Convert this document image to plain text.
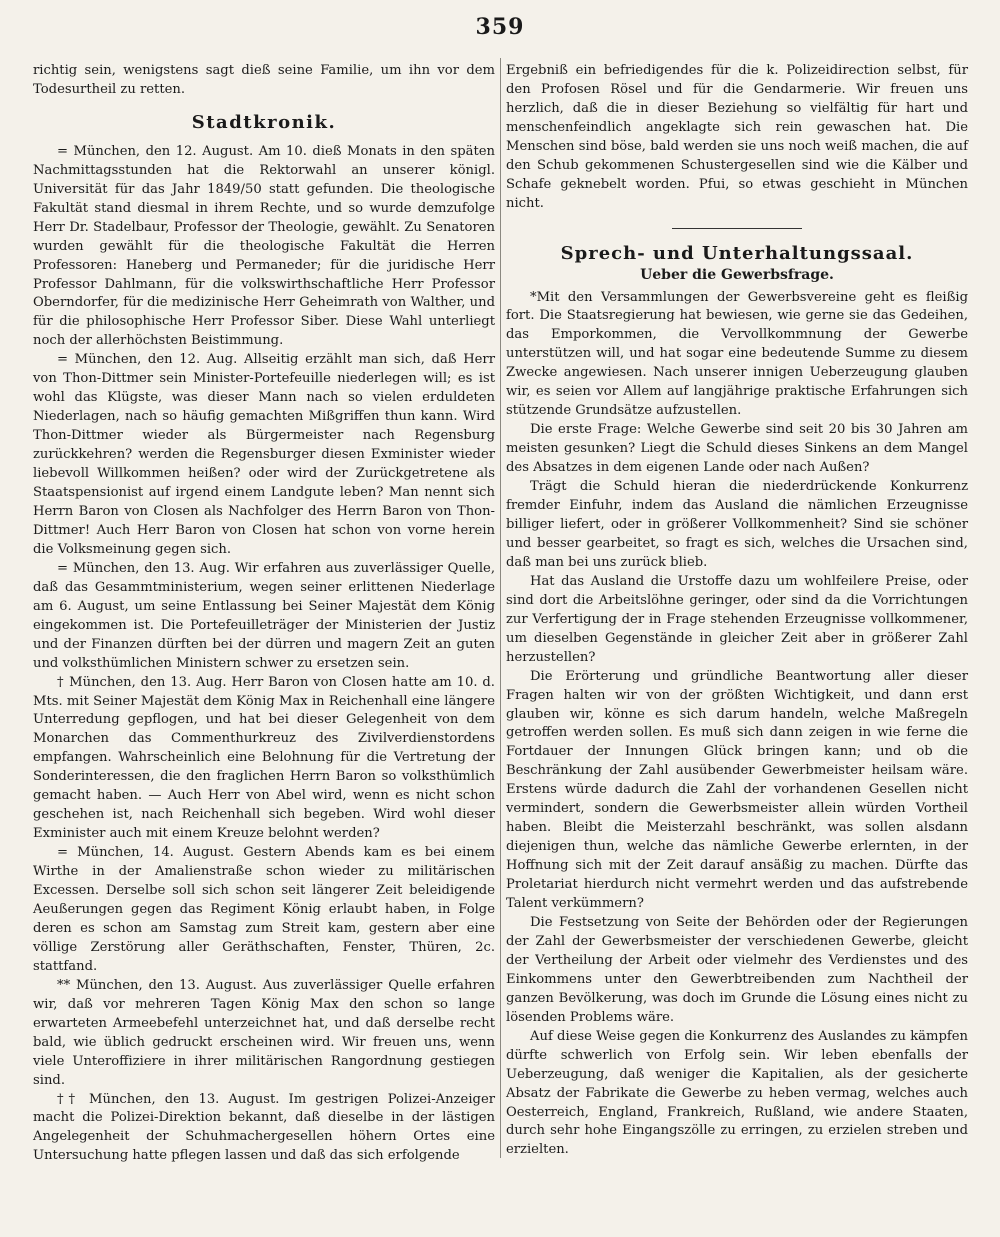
359

richtig sein, wenigstens sagt dieß seine Familie, um ihn vor dem Todesurtheil zu retten.

Stadtkronik.

= München, den 12. August. Am 10. dieß Monats in den späten Nachmittagsstunden hat die Rektorwahl an unserer königl. Universität für das Jahr 1849/50 statt gefunden. Die theologische Fakultät stand diesmal in ihrem Rechte, und so wurde demzufolge Herr Dr. Stadelbaur, Professor der Theologie, gewählt. Zu Senatoren wurden gewählt für die theologische Fakultät die Herren Professoren: Haneberg und Permaneder; für die juridische Herr Professor Dahlmann, für die volkswirthschaftliche Herr Professor Oberndorfer, für die medizinische Herr Geheimrath von Walther, und für die philosophische Herr Professor Siber. Diese Wahl unterliegt noch der allerhöchsten Beistimmung.

= München, den 12. Aug. Allseitig erzählt man sich, daß Herr von Thon-Dittmer sein Minister-Portefeuille niederlegen will; es ist wohl das Klügste, was dieser Mann nach so vielen erduldeten Niederlagen, nach so häufig gemachten Mißgriffen thun kann. Wird Thon-Dittmer wieder als Bürgermeister nach Regensburg zurückkehren? werden die Regensburger diesen Exminister wieder liebevoll Willkommen heißen? oder wird der Zurückgetretene als Staatspensionist auf irgend einem Landgute leben? Man nennt sich Herrn Baron von Closen als Nachfolger des Herrn Baron von Thon-Dittmer! Auch Herr Baron von Closen hat schon von vorne herein die Volksmeinung gegen sich.

= München, den 13. Aug. Wir erfahren aus zuverlässiger Quelle, daß das Gesammtministerium, wegen seiner erlittenen Niederlage am 6. August, um seine Entlassung bei Seiner Majestät dem König eingekommen ist. Die Portefeuilleträger der Ministerien der Justiz und der Finanzen dürften bei der dürren und magern Zeit an guten und volksthümlichen Ministern schwer zu ersetzen sein.

† München, den 13. Aug. Herr Baron von Closen hatte am 10. d. Mts. mit Seiner Majestät dem König Max in Reichenhall eine längere Unterredung gepflogen, und hat bei dieser Gelegenheit von dem Monarchen das Commenthurkreuz des Zivilverdienstordens empfangen. Wahrscheinlich eine Belohnung für die Vertretung der Sonderinteressen, die den fraglichen Herrn Baron so volksthümlich gemacht haben. — Auch Herr von Abel wird, wenn es nicht schon geschehen ist, nach Reichenhall sich begeben. Wird wohl dieser Exminister auch mit einem Kreuze belohnt werden?

= München, 14. August. Gestern Abends kam es bei einem Wirthe in der Amalienstraße schon wieder zu militärischen Excessen. Derselbe soll sich schon seit längerer Zeit beleidigende Aeußerungen gegen das Regiment König erlaubt haben, in Folge deren es schon am Samstag zum Streit kam, gestern aber eine völlige Zerstörung aller Geräthschaften, Fenster, Thüren, 2c. stattfand.

** München, den 13. August. Aus zuverlässiger Quelle erfahren wir, daß vor mehreren Tagen König Max den schon so lange erwarteten Armeebefehl unterzeichnet hat, und daß derselbe recht bald, wie üblich gedruckt erscheinen wird. Wir freuen uns, wenn viele Unteroffiziere in ihrer militärischen Rangordnung gestiegen sind.

†† München, den 13. August. Im gestrigen Polizei-Anzeiger macht die Polizei-Direktion bekannt, daß dieselbe in der lästigen Angelegenheit der Schuhmachergesellen höhern Ortes eine Untersuchung hatte pflegen lassen und daß das sich erfolgende

Ergebniß ein befriedigendes für die k. Polizeidirection selbst, für den Profosen Rösel und für die Gendarmerie. Wir freuen uns herzlich, daß die in dieser Beziehung so vielfältig für hart und menschenfeindlich angeklagte sich rein gewaschen hat. Die Menschen sind böse, bald werden sie uns noch weiß machen, die auf den Schub gekommenen Schustergesellen sind wie die Kälber und Schafe geknebelt worden. Pfui, so etwas geschieht in München nicht.

Sprech- und Unterhaltungssaal.
Ueber die Gewerbsfrage.

*Mit den Versammlungen der Gewerbsvereine geht es fleißig fort. Die Staatsregierung hat bewiesen, wie gerne sie das Gedeihen, das Emporkommen, die Vervollkommnung der Gewerbe unterstützen will, und hat sogar eine bedeutende Summe zu diesem Zwecke angewiesen. Nach unserer innigen Ueberzeugung glauben wir, es seien vor Allem auf langjährige praktische Erfahrungen sich stützende Grundsätze aufzustellen.

Die erste Frage: Welche Gewerbe sind seit 20 bis 30 Jahren am meisten gesunken? Liegt die Schuld dieses Sinkens an dem Mangel des Absatzes in dem eigenen Lande oder nach Außen?

Trägt die Schuld hieran die niederdrückende Konkurrenz fremder Einfuhr, indem das Ausland die nämlichen Erzeugnisse billiger liefert, oder in größerer Vollkommenheit? Sind sie schöner und besser gearbeitet, so fragt es sich, welches die Ursachen sind, daß man bei uns zurück blieb.

Hat das Ausland die Urstoffe dazu um wohlfeilere Preise, oder sind dort die Arbeitslöhne geringer, oder sind da die Vorrichtungen zur Verfertigung der in Frage stehenden Erzeugnisse vollkommener, um dieselben Gegenstände in gleicher Zeit aber in größerer Zahl herzustellen?

Die Erörterung und gründliche Beantwortung aller dieser Fragen halten wir von der größten Wichtigkeit, und dann erst glauben wir, könne es sich darum handeln, welche Maßregeln getroffen werden sollen. Es muß sich dann zeigen in wie ferne die Fortdauer der Innungen Glück bringen kann; und ob die Beschränkung der Zahl ausübender Gewerbmeister heilsam wäre. Erstens würde dadurch die Zahl der vorhandenen Gesellen nicht vermindert, sondern die Gewerbsmeister allein würden Vortheil haben. Bleibt die Meisterzahl beschränkt, was sollen alsdann diejenigen thun, welche das nämliche Gewerbe erlernten, in der Hoffnung sich mit der Zeit darauf ansäßig zu machen. Dürfte das Proletariat hierdurch nicht vermehrt werden und das aufstrebende Talent verkümmern?

Die Festsetzung von Seite der Behörden oder der Regierungen der Zahl der Gewerbsmeister der verschiedenen Gewerbe, gleicht der Vertheilung der Arbeit oder vielmehr des Verdienstes und des Einkommens unter den Gewerbtreibenden zum Nachtheil der ganzen Bevölkerung, was doch im Grunde die Lösung eines nicht zu lösenden Problems wäre.

Auf diese Weise gegen die Konkurrenz des Auslandes zu kämpfen dürfte schwerlich von Erfolg sein. Wir leben ebenfalls der Ueberzeugung, daß weniger die Kapitalien, als der gesicherte Absatz der Fabrikate die Gewerbe zu heben vermag, welches auch Oesterreich, England, Frankreich, Rußland, wie andere Staaten, durch sehr hohe Eingangszölle zu erringen, zu erzielen streben und erzielten.
